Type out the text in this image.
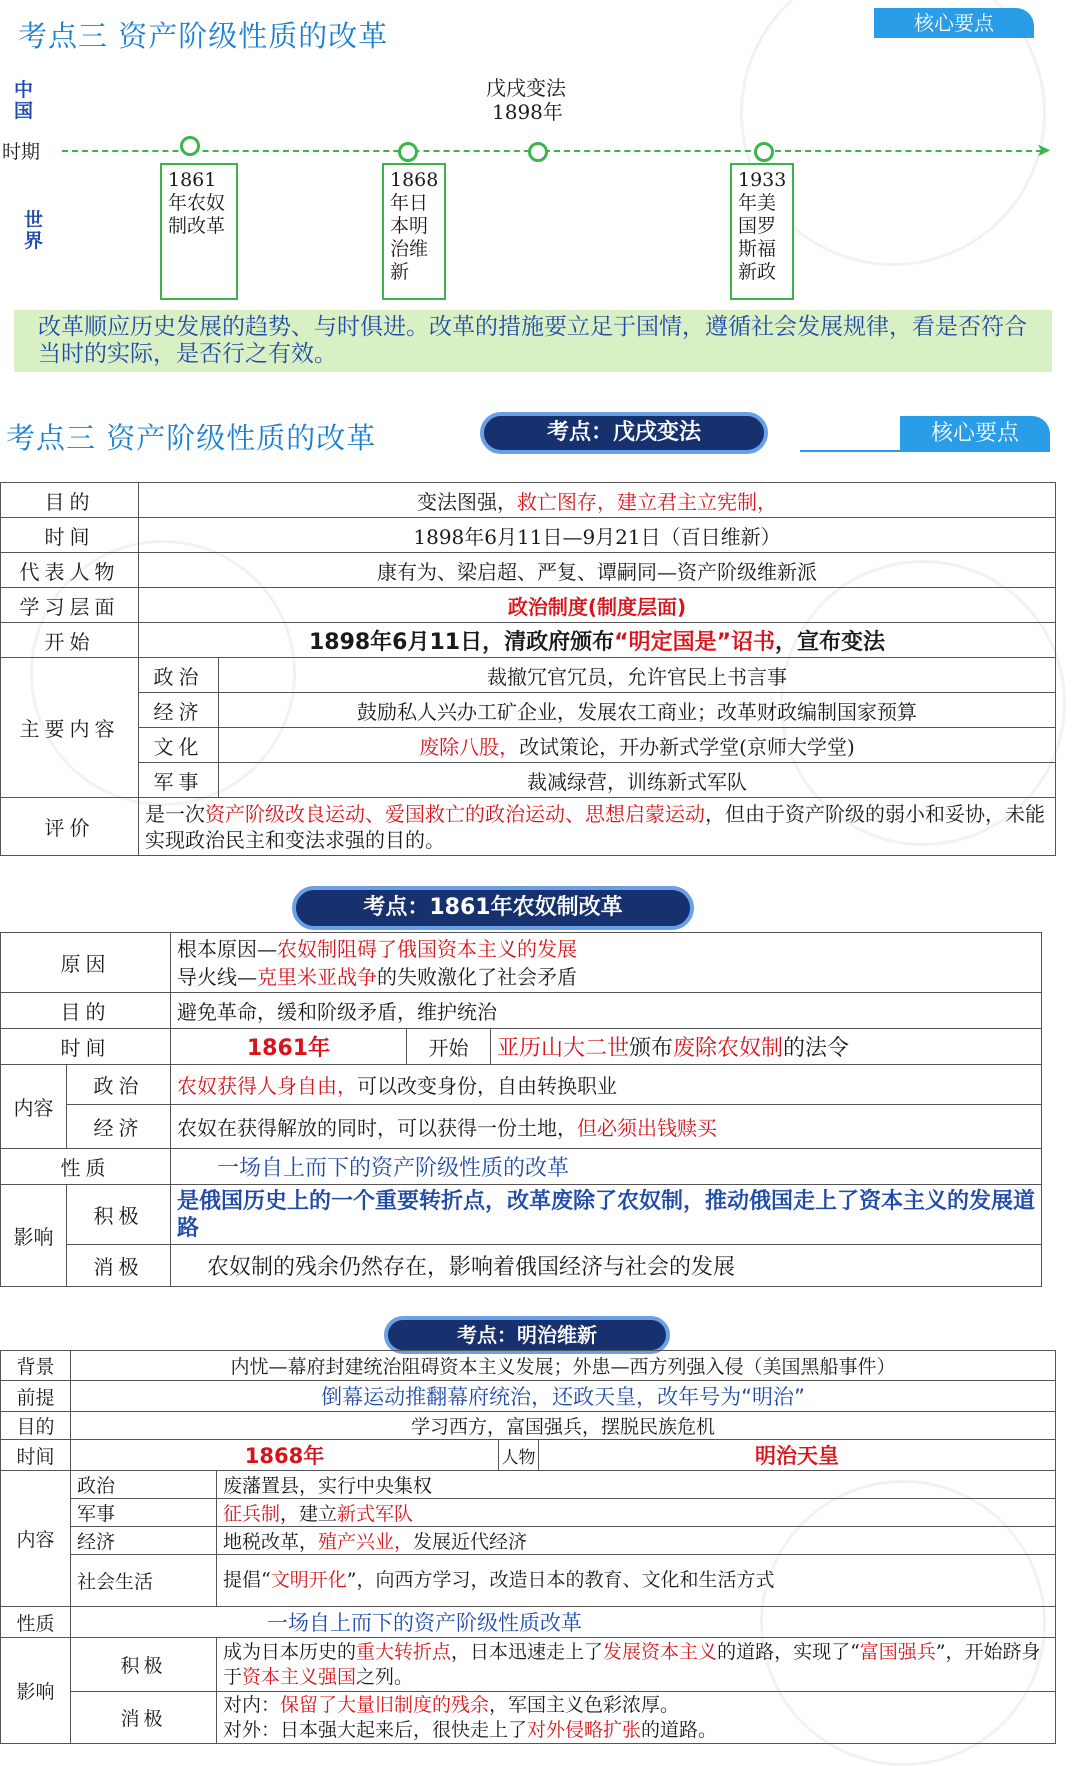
考点三 资产阶级性质的改革	核心要点
中国
时期
世界
戊戌变法
1898年
➤
1861年农奴制改革
1868年日本明治维新
1933年美国罗斯福新政
改革顺应历史发展的趋势、与时俱进。改革的措施要立足于国情，遵循社会发展规律，看是否符合当时的实际，是否行之有效。
考点三 资产阶级性质的改革	考点：戊戌变法	核心要点
目的	变法图强，救亡图存，建立君主立宪制，	
时间	1898年6月11日—9月21日（百日维新）	
代表人物	康有为、梁启超、严复、谭嗣同—资产阶级维新派	
学习层面	政治制度(制度层面)	
开始	1898年6月11日，清政府颁布“明定国是”诏书，宣布变法	
主要内容	政治	裁撤冗官冗员，允许官民上书言事
	经济	鼓励私人兴办工矿企业，发展农工商业；改革财政编制国家预算
	文化	废除八股，改试策论，开办新式学堂(京师大学堂)
	军事	裁减绿营，训练新式军队
评价	是一次资产阶级改良运动、爱国救亡的政治运动、思想启蒙运动，但由于资产阶级的弱小和妥协，未能实现政治民主和变法求强的目的。	
考点：1861年农奴制改革
原因		根本原因—农奴制阻碍了俄国资本主义的发展
导火线—克里米亚战争的失败激化了社会矛盾		

目的		避免革命，缓和阶级矛盾，维护统治		
时间		1861年	开始	亚历山大二世颁布废除农奴制的法令
内容	政治	农奴获得人身自由，可以改变身份，自由转换职业		
	经济	农奴在获得解放的同时，可以获得一份土地，但必须出钱赎买		
性质		一场自上而下的资产阶级性质的改革		
影响	积极	是俄国历史上的一个重要转折点，改革废除了农奴制，推动俄国走上了资本主义的发展道路		
	消极	农奴制的残余仍然存在，影响着俄国经济与社会的发展		
考点：明治维新
背景	内忧—幕府封建统治阻碍资本主义发展；外患—西方列强入侵（美国黑船事件）			
前提	倒幕运动推翻幕府统治，还政天皇，改年号为“明治”			
目的	学习西方，富国强兵，摆脱民族危机			
时间	1868年		人物	明治天皇
内容	政治	废藩置县，实行中央集权		
	军事	征兵制，建立新式军队		
	经济	地税改革，殖产兴业，发展近代经济		
	社会生活	提倡“文明开化”，向西方学习，改造日本的教育、文化和生活方式		
性质	一场自上而下的资产阶级性质改革			
影响	积极	成为日本历史的重大转折点，日本迅速走上了发展资本主义的道路，实现了“富国强兵”，开始跻身于资本主义强国之列。		
	消极	对内：保留了大量旧制度的残余，军国主义色彩浓厚。
对外：日本强大起来后，很快走上了对外侵略扩张的道路。		
